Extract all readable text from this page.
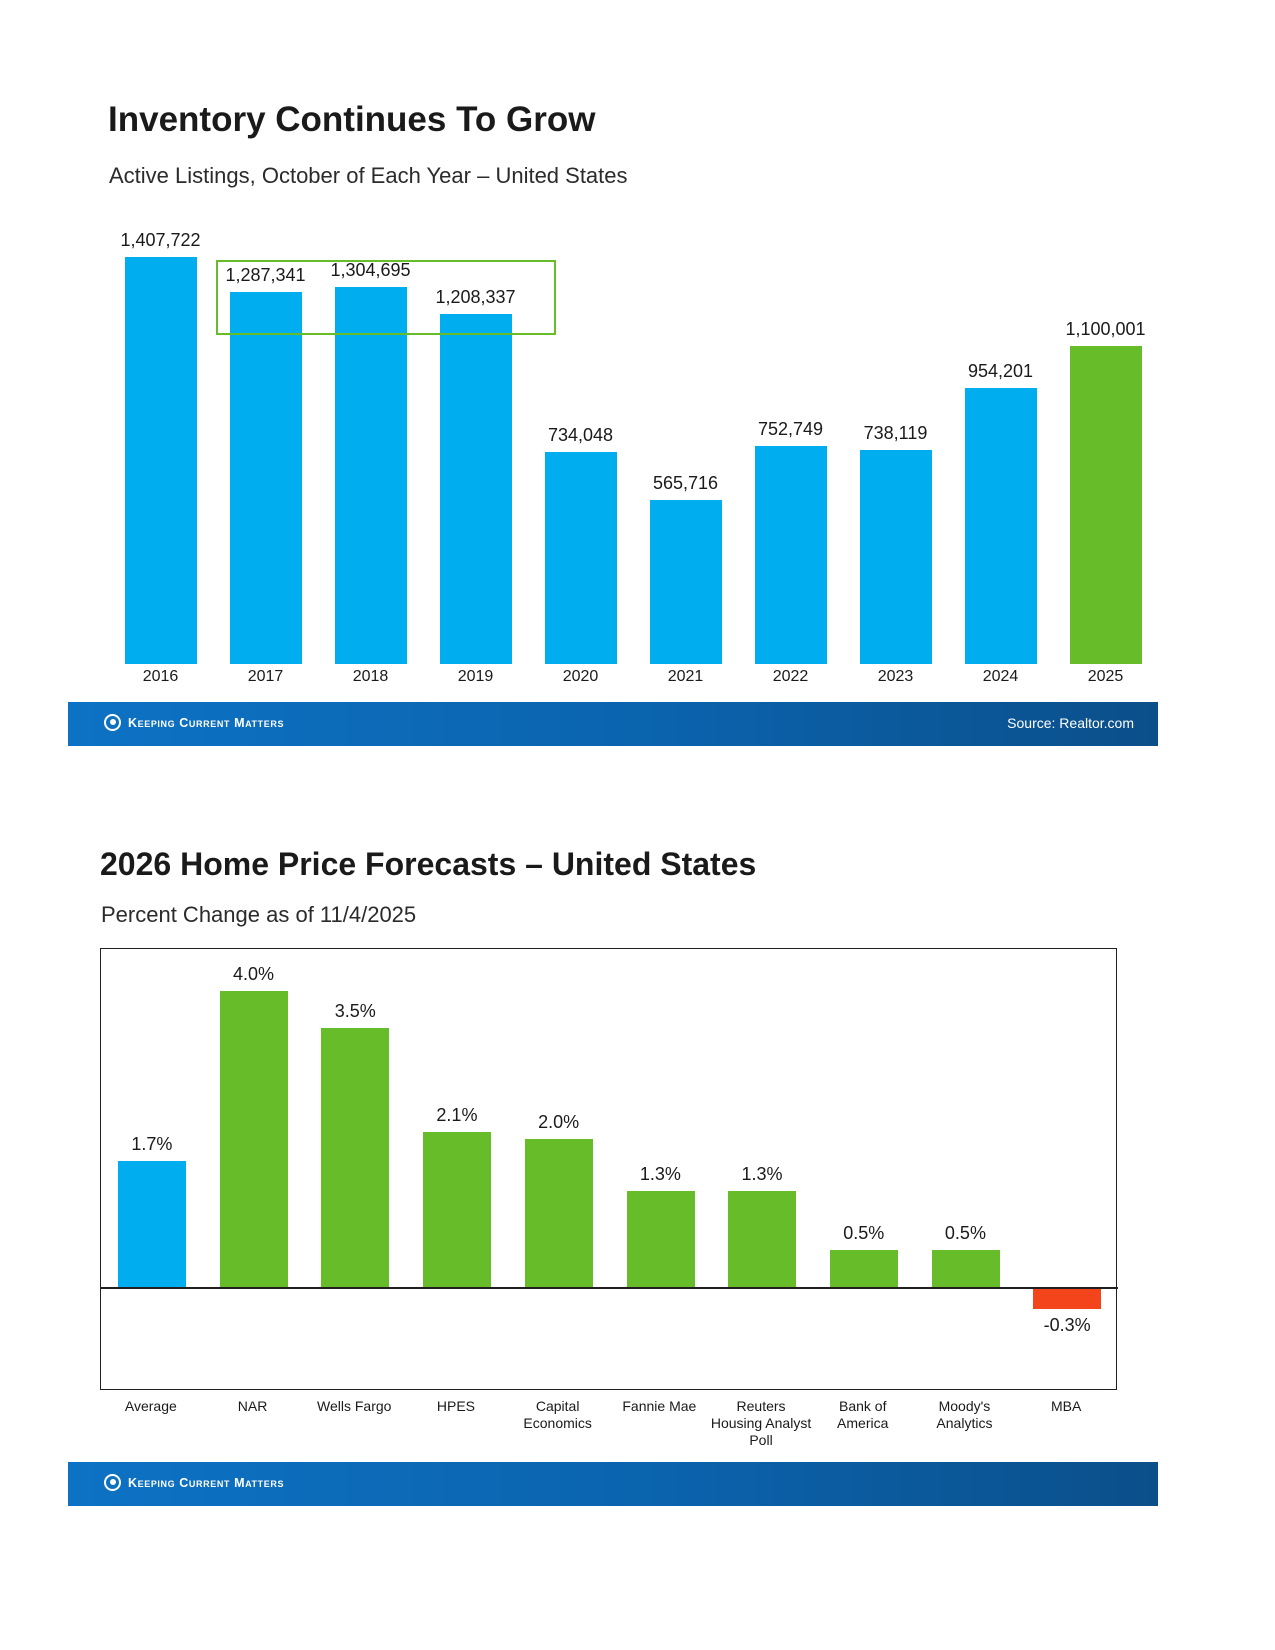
Inventory Continues To Grow
Active Listings, October of Each Year – United States
1,407,722
1,287,341	1,304,695
1,208,337
734,048
565,716
752,749	738,119
954,201
1,100,001
2016	2017	2018	2019	2020	2021	2022	2023	2024	2025
Keeping Current Matters	Source: Realtor.com
2026 Home Price Forecasts – United States
Percent Change as of 11/4/2025
1.7%
4.0%
3.5%
2.1%	2.0%
1.3%	1.3%
0.5%	0.5%
-0.3%
Average	NAR	Wells Fargo	HPES	Capital Economics
Fannie Mae	Reuters Housing Analyst Poll
Bank of America
Moody's Analytics
MBA
Keeping Current Matters
